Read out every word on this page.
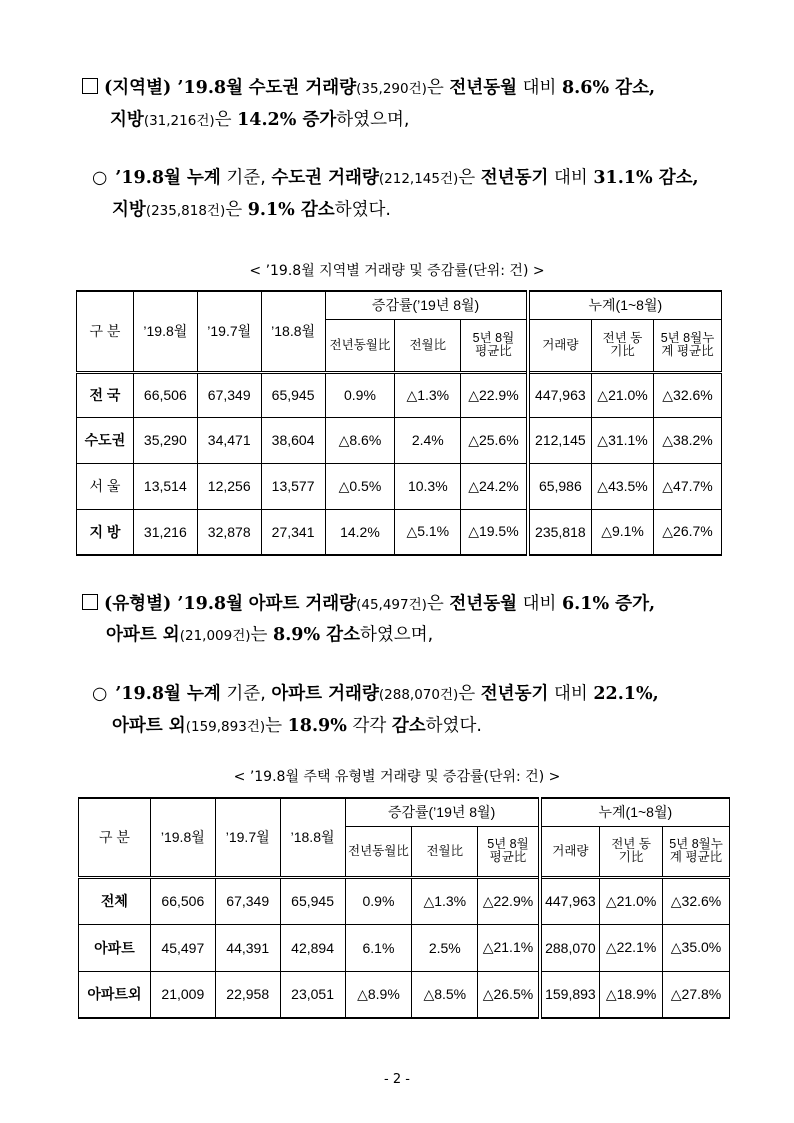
(지역별) ’19.8월 수도권 거래량(35,290건)은 전년동월 대비 8.6% 감소,
지방(31,216건)은 14.2% 증가하였으며,
○ ’19.8월 누계 기준, 수도권 거래량(212,145건)은 전년동기 대비 31.1% 감소,
지방(235,818건)은 9.1% 감소하였다.
< ’19.8월 지역별 거래량 및 증감률(단위: 건) >
구 분	’19.8월	’19.7월	’18.8월	증감률(’19년 8월)			누계(1~8월)		
				전년동월比	전월比	5년 8월 평균比	거래량	전년 동기比	5년 8월누계 평균比
전 국	66,506	67,349	65,945	0.9%	△1.3%	△22.9%	447,963	△21.0%	△32.6%
수도권	35,290	34,471	38,604	△8.6%	2.4%	△25.6%	212,145	△31.1%	△38.2%
서 울	13,514	12,256	13,577	△0.5%	10.3%	△24.2%	65,986	△43.5%	△47.7%
지 방	31,216	32,878	27,341	14.2%	△5.1%	△19.5%	235,818	△9.1%	△26.7%
(유형별) ’19.8월 아파트 거래량(45,497건)은 전년동월 대비 6.1% 증가,
아파트 외(21,009건)는 8.9% 감소하였으며,
○ ’19.8월 누계 기준, 아파트 거래량(288,070건)은 전년동기 대비 22.1%,
아파트 외(159,893건)는 18.9% 각각 감소하였다.
< ’19.8월 주택 유형별 거래량 및 증감률(단위: 건) >
구 분	’19.8월	’19.7월	’18.8월	증감률(’19년 8월)			누계(1~8월)		
				전년동월比	전월比	5년 8월 평균比	거래량	전년 동기比	5년 8월누계 평균比
전체	66,506	67,349	65,945	0.9%	△1.3%	△22.9%	447,963	△21.0%	△32.6%
아파트	45,497	44,391	42,894	6.1%	2.5%	△21.1%	288,070	△22.1%	△35.0%
아파트외	21,009	22,958	23,051	△8.9%	△8.5%	△26.5%	159,893	△18.9%	△27.8%
- 2 -
